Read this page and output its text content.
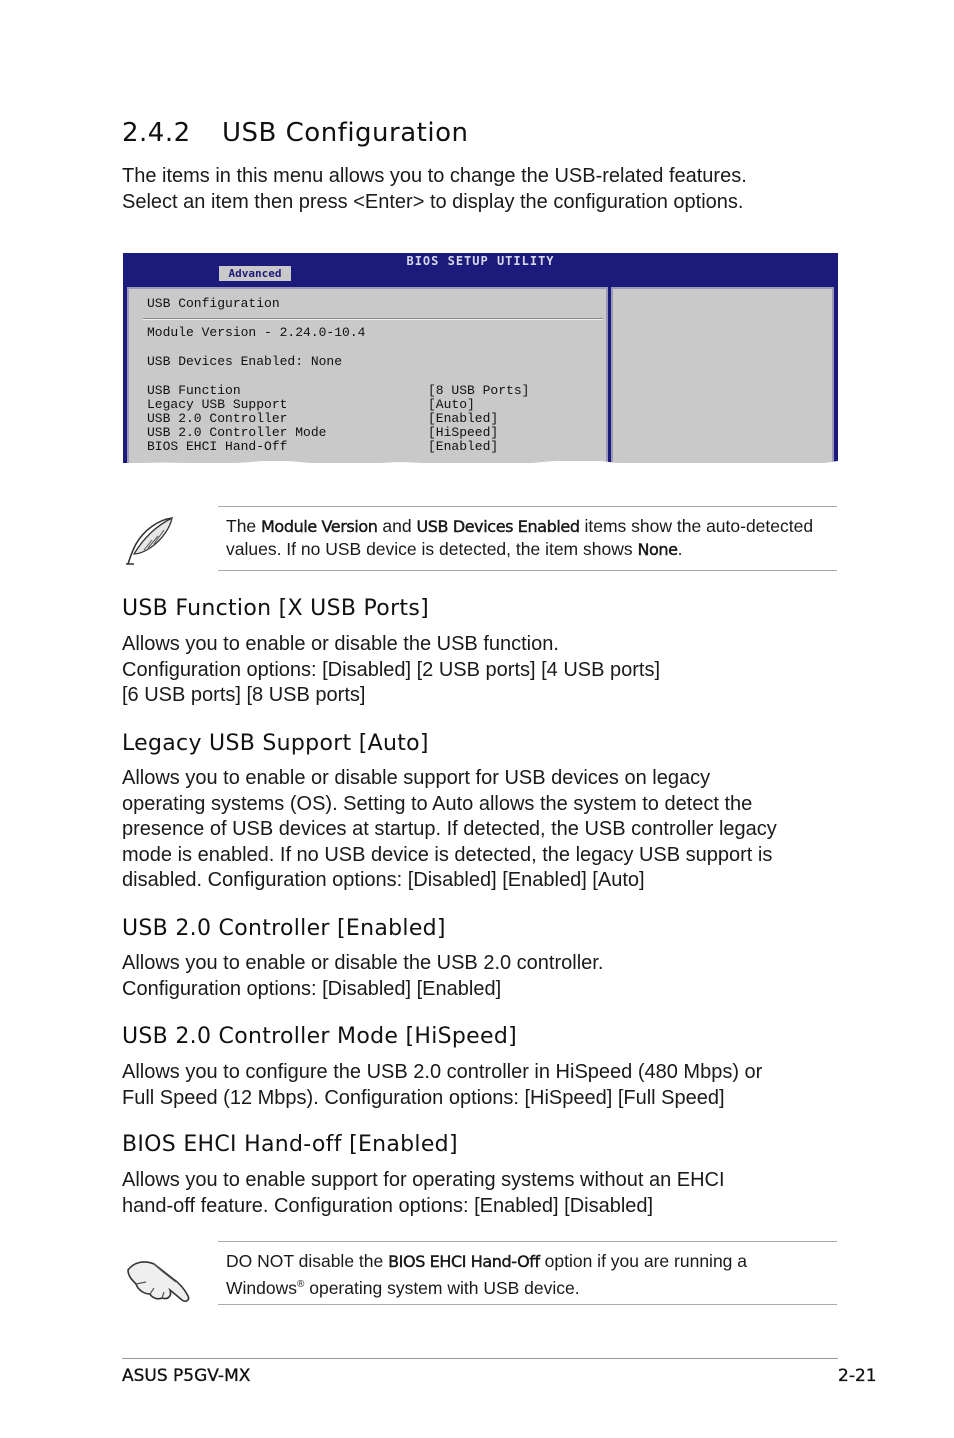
2.4.2 USB Configuration

The items in this menu allows you to change the USB-related features.

Select an item then press <Enter> to display the configuration options.

BIOS SETUP UTILITY
Advanced
USB Configuration
Module Version - 2.24.0-10.4
USB Devices Enabled: None
USB Function	[8 USB Ports]
Legacy USB Support	[Auto]
USB 2.0 Controller	[Enabled]
USB 2.0 Controller Mode	[HiSpeed]
BIOS EHCI Hand-Off	[Enabled]
The Module Version and USB Devices Enabled items show the auto-detected values. If no USB device is detected, the item shows None.
USB Function [X USB Ports]

Allows you to enable or disable the USB function.

Configuration options: [Disabled] [2 USB ports] [4 USB ports]

[6 USB ports] [8 USB ports]

Legacy USB Support [Auto]

Allows you to enable or disable support for USB devices on legacy

operating systems (OS). Setting to Auto allows the system to detect the

presence of USB devices at startup. If detected, the USB controller legacy

mode is enabled. If no USB device is detected, the legacy USB support is

disabled. Configuration options: [Disabled] [Enabled] [Auto]

USB 2.0 Controller [Enabled]

Allows you to enable or disable the USB 2.0 controller.

Configuration options: [Disabled] [Enabled]

USB 2.0 Controller Mode [HiSpeed]

Allows you to configure the USB 2.0 controller in HiSpeed (480 Mbps) or

Full Speed (12 Mbps). Configuration options: [HiSpeed] [Full Speed]

BIOS EHCI Hand-off [Enabled]

Allows you to enable support for operating systems without an EHCI

hand-off feature. Configuration options: [Enabled] [Disabled]

DO NOT disable the BIOS EHCI Hand-Off option if you are running a
Windows® operating system with USB device.
ASUS P5GV-MX	2-21
